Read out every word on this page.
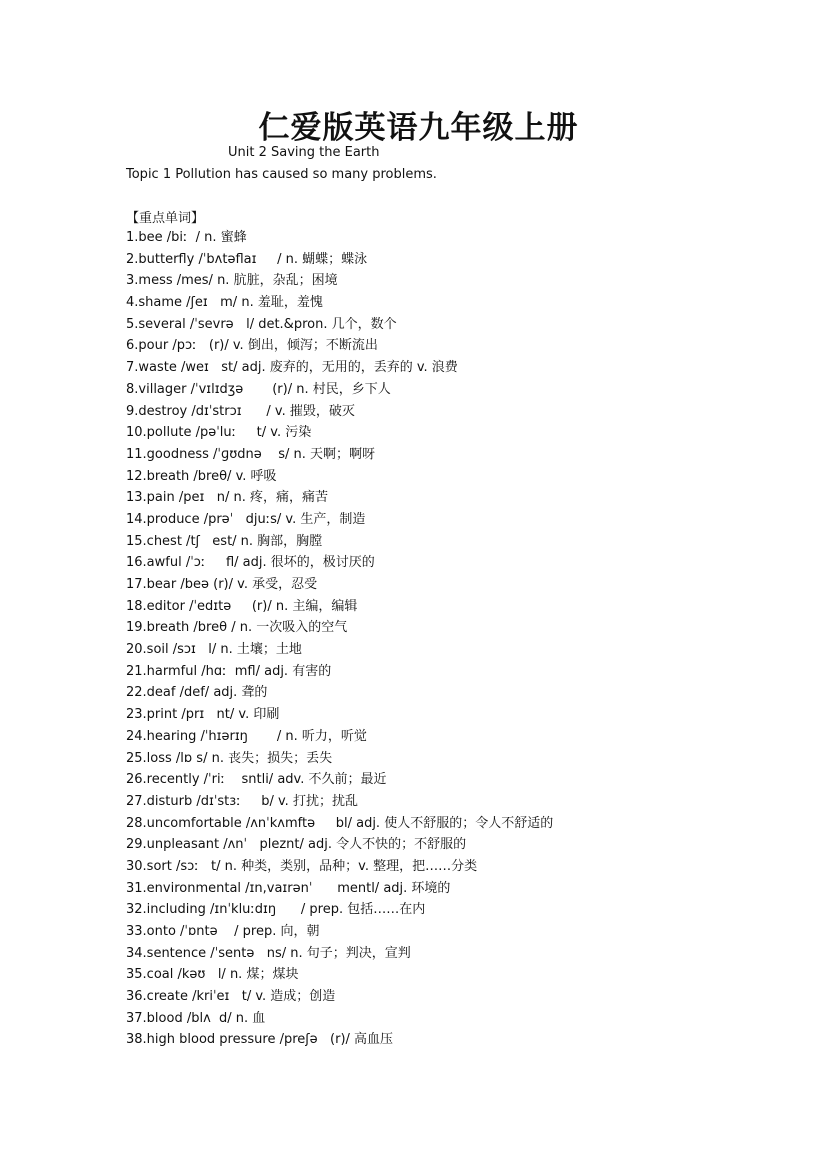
仁爱版英语九年级上册
Unit 2 Saving the Earth
Topic 1 Pollution has caused so many problems.
【重点单词】
1.bee /biː  / n. 蜜蜂
2.butterfly /ˈbʌtəflaɪ     / n. 蝴蝶；蝶泳
3.mess /mes/ n. 肮脏，杂乱；困境
4.shame /ʃeɪ   m/ n. 羞耻，羞愧
5.several /ˈsevrə   l/ det.&pron. 几个，数个
6.pour /pɔː   (r)/ v. 倒出，倾泻；不断流出
7.waste /weɪ   st/ adj. 废弃的，无用的，丢弃的 v. 浪费
8.villager /ˈvɪlɪdʒə       (r)/ n. 村民，乡下人
9.destroy /dɪˈstrɔɪ      / v. 摧毁，破灭
10.pollute /pəˈluː     t/ v. 污染
11.goodness /ˈɡʊdnə    s/ n. 天啊；啊呀
12.breath /breθ/ v. 呼吸
13.pain /peɪ   n/ n. 疼，痛，痛苦
14.produce /prəˈ   djuːs/ v. 生产，制造
15.chest /tʃ   est/ n. 胸部，胸膛
16.awful /ˈɔː     fl/ adj. 很坏的，极讨厌的
17.bear /beə (r)/ v. 承受，忍受
18.editor /ˈedɪtə     (r)/ n. 主编，编辑
19.breath /breθ / n. 一次吸入的空气
20.soil /sɔɪ   l/ n. 土壤；土地
21.harmful /hɑː  mfl/ adj. 有害的
22.deaf /def/ adj. 聋的
23.print /prɪ   nt/ v. 印刷
24.hearing /ˈhɪərɪŋ       / n. 听力，听觉
25.loss /lɒ s/ n. 丧失；损失；丢失
26.recently /ˈriː    sntli/ adv. 不久前；最近
27.disturb /dɪˈstɜː     b/ v. 打扰；扰乱
28.uncomfortable /ʌnˈkʌmftə     bl/ adj. 使人不舒服的；令人不舒适的
29.unpleasant /ʌnˈ   pleznt/ adj. 令人不快的；不舒服的
30.sort /sɔː   t/ n. 种类，类别，品种；v. 整理，把……分类
31.environmental /ɪn,vaɪrənˈ      mentl/ adj. 环境的
32.including /ɪnˈkluːdɪŋ      / prep. 包括……在内
33.onto /ˈɒntə    / prep. 向，朝
34.sentence /ˈsentə   ns/ n. 句子；判决，宣判
35.coal /kəʊ   l/ n. 煤；煤块
36.create /kriˈeɪ   t/ v. 造成；创造
37.blood /blʌ  d/ n. 血
38.high blood pressure /preʃə   (r)/ 高血压
